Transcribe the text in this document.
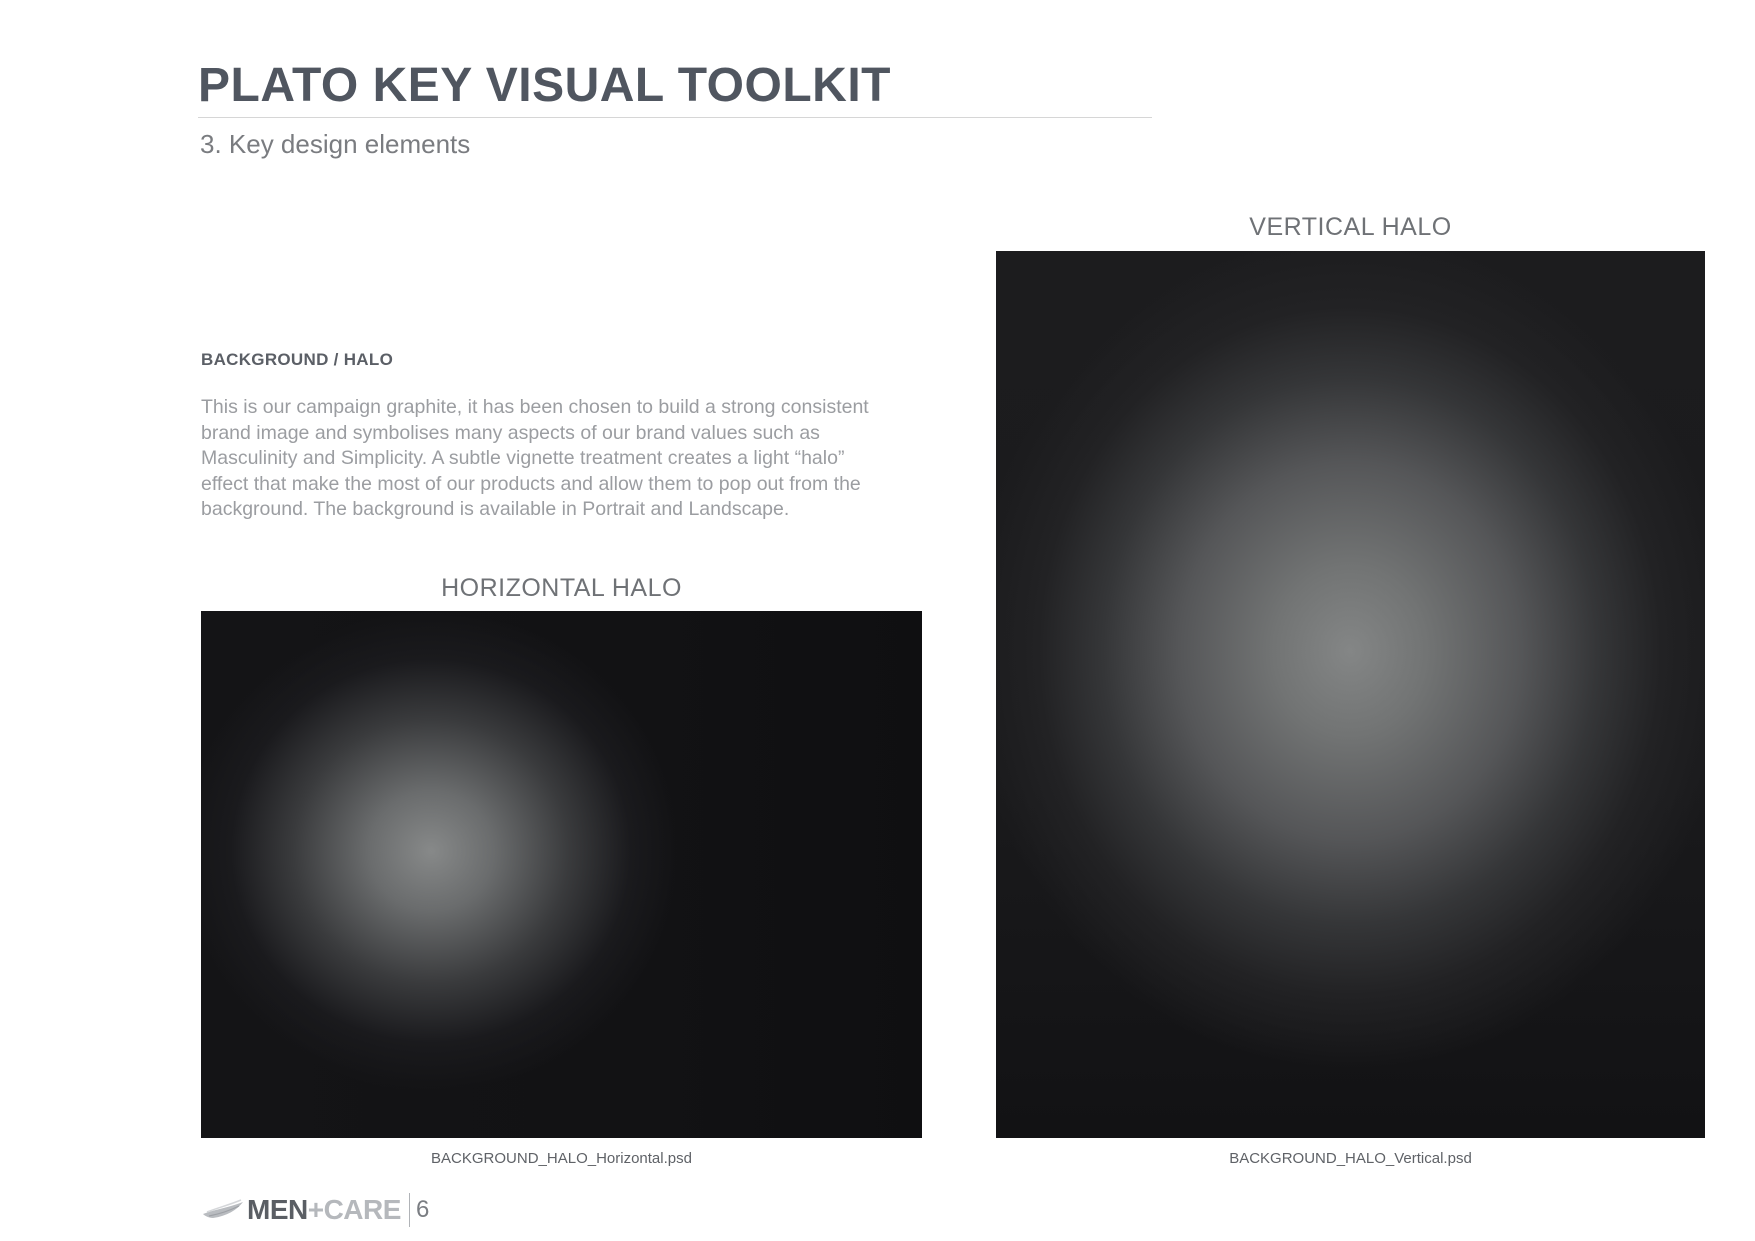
PLATO KEY VISUAL TOOLKIT
3. Key design elements
BACKGROUND / HALO

This is our campaign graphite, it has been chosen to build a strong consistent brand image and symbolises many aspects of our brand values such as Masculinity and Simplicity. A subtle vignette treatment creates a light “halo” effect that make the most of our products and allow them to pop out from the background. The background is available in Portrait and Landscape.

HORIZONTAL HALO
BACKGROUND_HALO_Horizontal.psd
VERTICAL HALO
BACKGROUND_HALO_Vertical.psd
MEN+CARE 6
